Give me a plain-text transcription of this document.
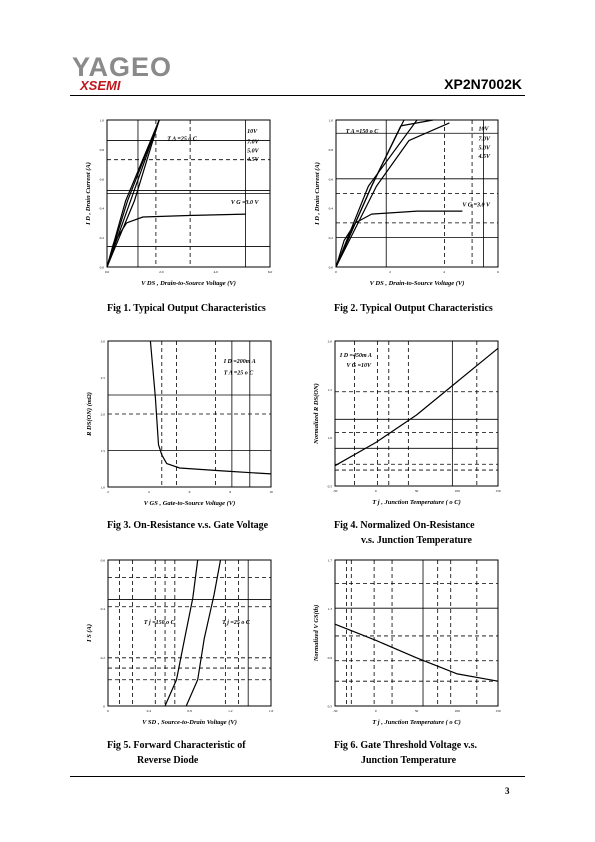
YAGEO
XSEMI	XP2N7002K
0.0	2.0	4.0	6.0
1.0
0.8
0.6
0.4
0.2
0.0
V DS , Drain-to-Source Voltage (V)
I D , Drain Current (A)
T A =25 o C
10V
7.0V
5.0V
4.5V
V G =3.0 V
Fig 1. Typical Output Characteristics
0	2	4	6
1.0
0.8
0.6
0.4
0.2
0.0
V DS , Drain-to-Source Voltage (V)
I D , Drain Current (A)
T A =150 o C	10V
7.0V
5.0V
4.5V
V G =3.0 V
Fig 2. Typical Output Characteristics
2	4	6	8	10
3.0
2.5
2.0
1.5
1.0
V GS , Gate-to-Source Voltage (V)
R DS(ON) (mΩ)
I D =200m A
T A =25 o C
Fig 3. On-Resistance v.s. Gate Voltage
-50	0	50	100	150
2.0
1.5
1.0
0.5
T j , Junction Temperature ( o C)
Normalized R DS(ON)
I D =450m A
V G =10V
Fig 4. Normalized On-Resistance
v.s. Junction Temperature
0	0.4	0.8	1.2	1.6
0.6
0.4
0.2
0
V SD , Source-to-Drain Voltage (V)
I S (A)
T j =150 o C	T j =25 o C
Fig 5. Forward Characteristic of
Reverse Diode
-50	0	50	100	150
1.7
1.3
0.9
0.5
T j , Junction Temperature ( o C)
Normalized V GS(th)
Fig 6. Gate Threshold Voltage v.s.
Junction Temperature
3
